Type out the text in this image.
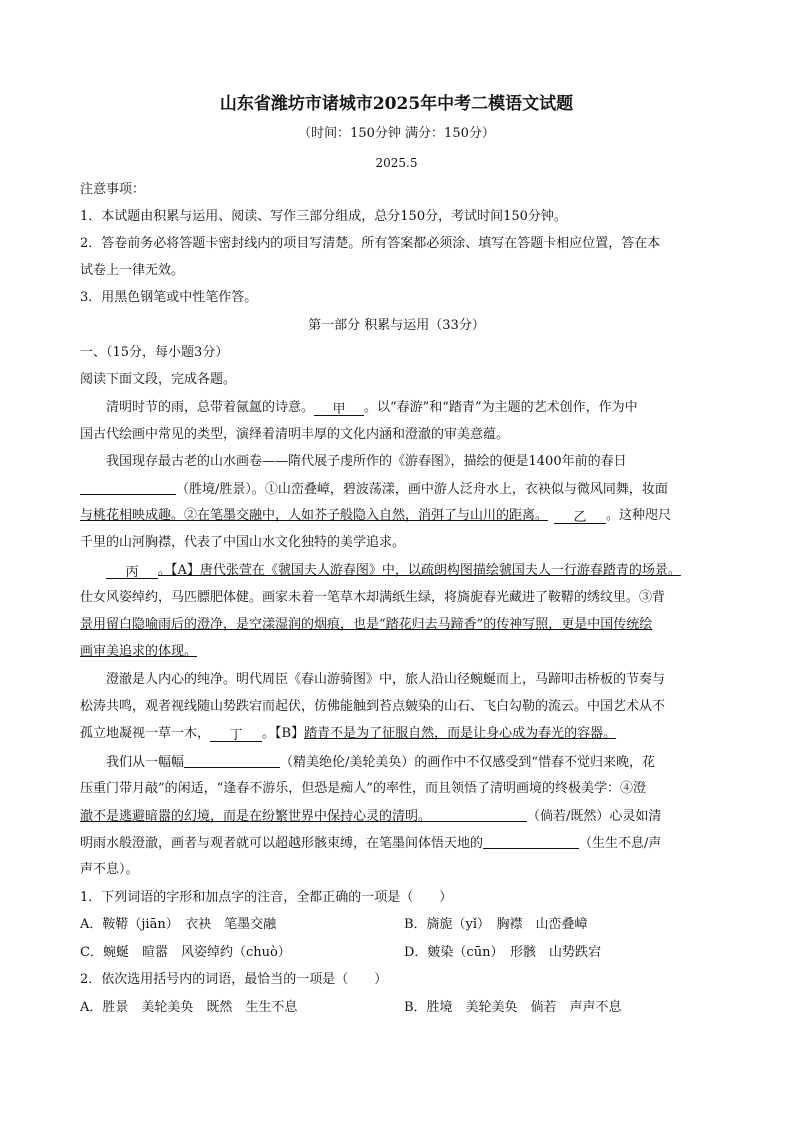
山东省潍坊市诸城市2025年中考二模语文试题
（时间：150分钟 满分：150分）
2025.5
注意事项：
1．本试题由积累与运用、阅读、写作三部分组成，总分150分，考试时间150分钟。
2．答卷前务必将答题卡密封线内的项目写清楚。所有答案都必须涂、填写在答题卡相应位置，答在本
试卷上一律无效。
3．用黑色钢笔或中性笔作答。
第一部分 积累与运用（33分）
一、（15分，每小题3分）
阅读下面文段，完成各题。
清明时节的雨，总带着氤氲的诗意。 甲 。以“春游”和“踏青”为主题的艺术创作，作为中
国古代绘画中常见的类型，演绎着清明丰厚的文化内涵和澄澈的审美意蕴。
我国现存最古老的山水画卷——隋代展子虔所作的《游春图》，描绘的便是1400年前的春日
（胜境/胜景）。①山峦叠嶂，碧波荡漾，画中游人泛舟水上，衣袂似与微风同舞，妆面
与桃花相映成趣。②在笔墨交融中，人如芥子般隐入自然，消弭了与山川的距离。 乙 。这种咫尺
千里的山河胸襟，代表了中国山水文化独特的美学追求。
丙 。【A】唐代张萱在《虢国夫人游春图》中，以疏朗构图描绘虢国夫人一行游春踏青的场景。
仕女风姿绰约，马匹膘肥体健。画家未着一笔草木却满纸生绿，将旖旎春光藏进了鞍鞯的绣纹里。③背
景用留白隐喻雨后的澄净，是空漾湿润的烟痕，也是“踏花归去马蹄香”的传神写照，更是中国传统绘
画审美追求的体现。
澄澈是人内心的纯净。明代周臣《春山游骑图》中，旅人沿山径蜿蜒而上，马蹄叩击桥板的节奏与
松涛共鸣，观者视线随山势跌宕而起伏，仿佛能触到苔点皴染的山石、飞白勾勒的流云。中国艺术从不
孤立地凝视一草一木， 丁 。【B】踏青不是为了征服自然，而是让身心成为春光的容器。
我们从一幅幅	（精美绝伦/美轮美奂）的画作中不仅感受到“惜春不觉归来晚，花
压重门带月敲”的闲适，“逢春不游乐，但恐是痴人”的率性，而且领悟了清明画境的终极美学：④澄
澈不是逃避暗嚣的幻境，而是在纷繁世界中保持心灵的清明。	（倘若/既然）心灵如清
明雨水般澄澈，画者与观者就可以超越形骸束缚，在笔墨间体悟天地的	（生生不息/声
声不息）。
1．下列词语的字形和加点字的注音，全都正确的一项是（　　）
A．鞍鞯（jiān）　衣袂　笔墨交融	B．旖旎（yǐ）　胸襟　山峦叠嶂
C．蜿蜒　暄嚣　风姿绰约（chuò）	D．皴染（cūn）　形骸　山势跌宕
2．依次选用括号内的词语，最恰当的一项是（　　）
A．胜景　美轮美奂　既然　生生不息	B．胜境　美轮美奂　倘若　声声不息
